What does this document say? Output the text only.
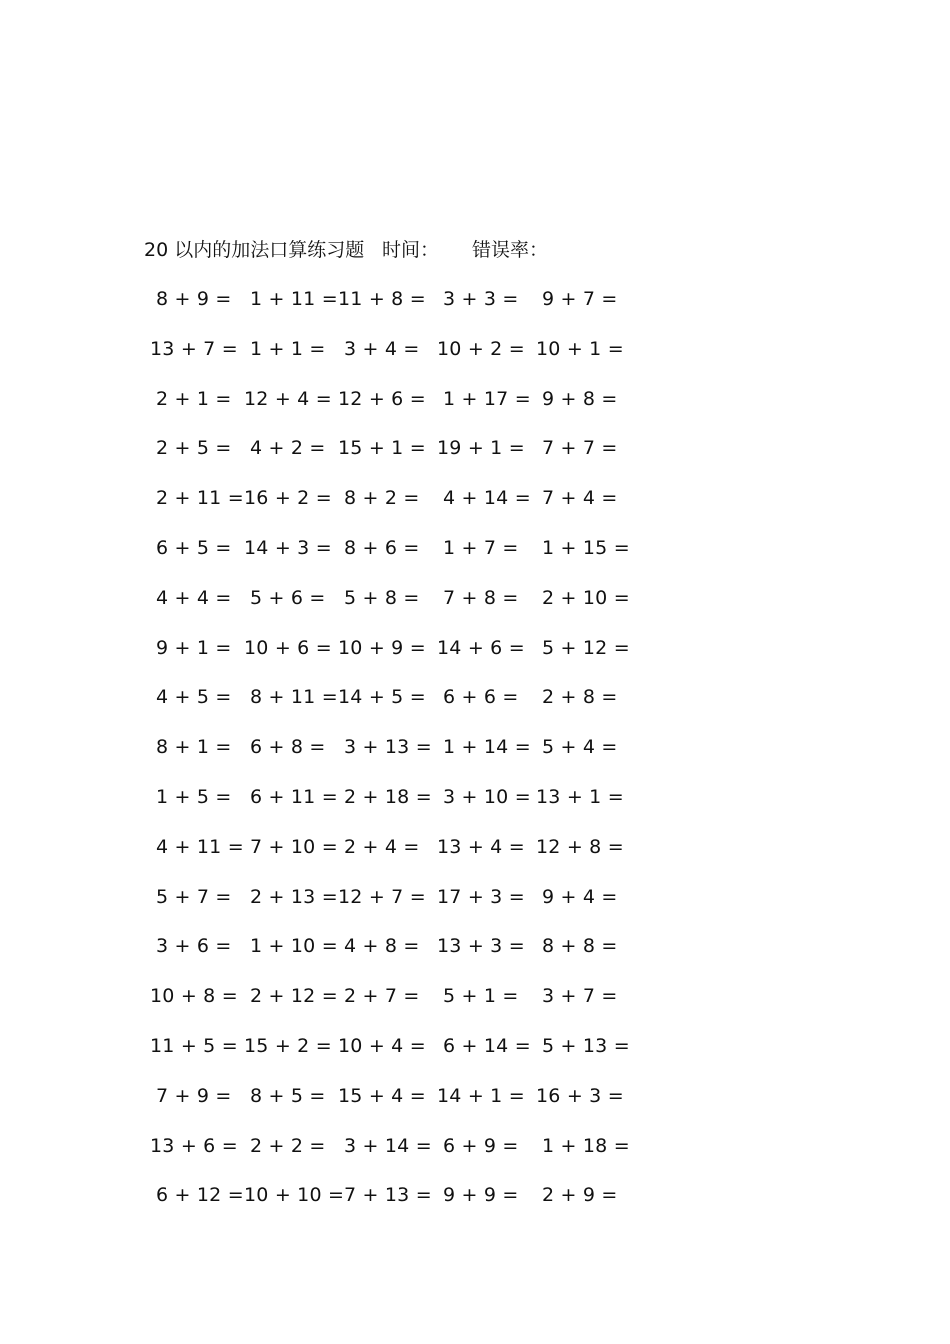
20 以内的加法口算练习题 时间： 错误率：
8 + 9 = 1 + 11 = 11 + 8 = 3 + 3 = 9 + 7 =
13 + 7 = 1 + 1 = 3 + 4 = 10 + 2 = 10 + 1 =
2 + 1 = 12 + 4 = 12 + 6 = 1 + 17 = 9 + 8 =
2 + 5 = 4 + 2 = 15 + 1 = 19 + 1 = 7 + 7 =
2 + 11 = 16 + 2 = 8 + 2 = 4 + 14 = 7 + 4 =
6 + 5 = 14 + 3 = 8 + 6 = 1 + 7 = 1 + 15 =
4 + 4 = 5 + 6 = 5 + 8 = 7 + 8 = 2 + 10 =
9 + 1 = 10 + 6 = 10 + 9 = 14 + 6 = 5 + 12 =
4 + 5 = 8 + 11 = 14 + 5 = 6 + 6 = 2 + 8 =
8 + 1 = 6 + 8 = 3 + 13 = 1 + 14 = 5 + 4 =
1 + 5 = 6 + 11 = 2 + 18 = 3 + 10 = 13 + 1 =
4 + 11 = 7 + 10 = 2 + 4 = 13 + 4 = 12 + 8 =
5 + 7 = 2 + 13 = 12 + 7 = 17 + 3 = 9 + 4 =
3 + 6 = 1 + 10 = 4 + 8 = 13 + 3 = 8 + 8 =
10 + 8 = 2 + 12 = 2 + 7 = 5 + 1 = 3 + 7 =
11 + 5 = 15 + 2 = 10 + 4 = 6 + 14 = 5 + 13 =
7 + 9 = 8 + 5 = 15 + 4 = 14 + 1 = 16 + 3 =
13 + 6 = 2 + 2 = 3 + 14 = 6 + 9 = 1 + 18 =
6 + 12 = 10 + 10 = 7 + 13 = 9 + 9 = 2 + 9 =
